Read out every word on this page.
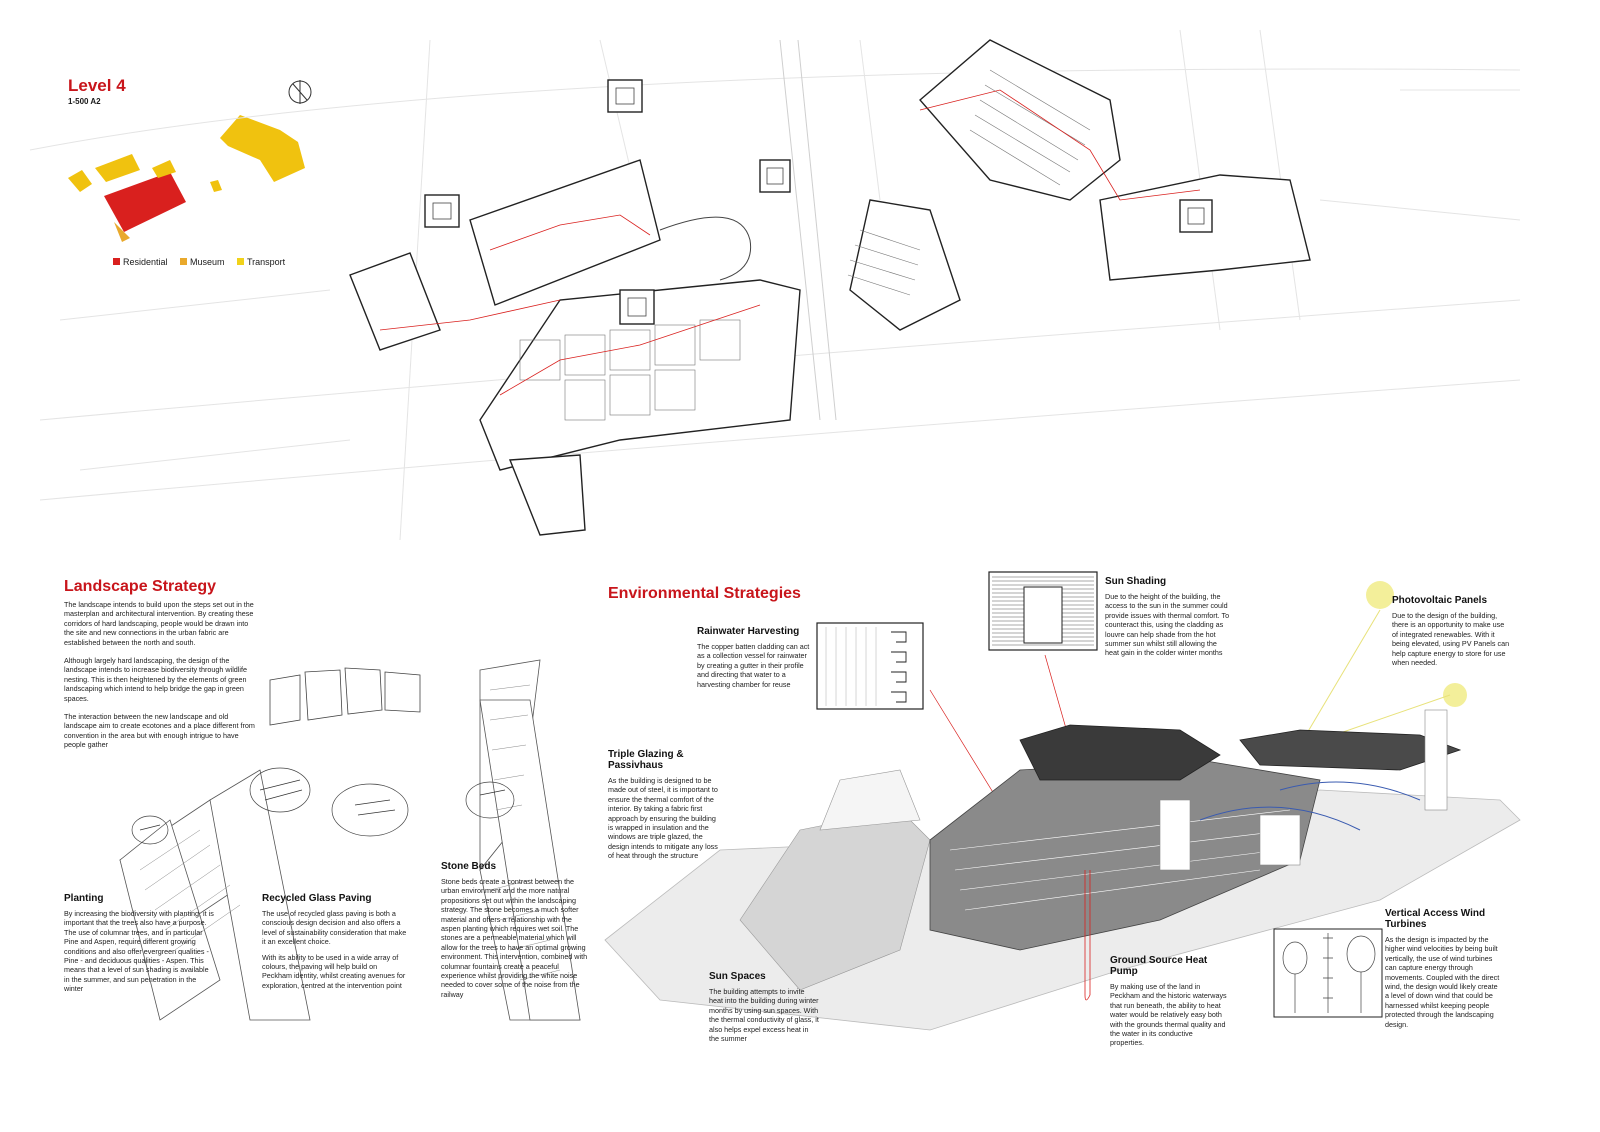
Level 4
1-500 A2
Residential
Museum
Transport
Landscape Strategy
The landscape intends to build upon the steps set out in the masterplan and architectural intervention. By creating these corridors of hard landscaping, people would be drawn into the site and new connections in the urban fabric are established between the north and south.
Although largely hard landscaping, the design of the landscape intends to increase biodiversity through wildlife nesting. This is then heightened by the elements of green landscaping which intend to help bridge the gap in green spaces.
The interaction between the new landscape and old landscape aim to create ecotones and a place different from convention in the area but with enough intrigue to have people gather
Planting
By increasing the biodiversity with planting, it is important that the trees also have a purpose. The use of columnar trees, and in particular Pine and Aspen, require different growing conditions and also offer evergreen qualities - Pine - and deciduous qualities - Aspen. This means that a level of sun shading is available in the summer, and sun penetration in the winter
Recycled Glass Paving
The use of recycled glass paving is both a conscious design decision and also offers a level of sustainability consideration that make it an excellent choice.
With its ability to be used in a wide array of colours, the paving will help build on Peckham identity, whilst creating avenues for exploration, centred at the intervention point
Stone Beds
Stone beds create a contrast between the urban environment and the more natural propositions set out within the landscaping strategy. The stone becomes a much softer material and offers a relationship with the aspen planting which requires wet soil. The stones are a permeable material which will allow for the trees to have an optimal growing environment. This intervention, combined with columnar fountains create a peaceful experience whilst providing the white noise needed to cover some of the noise from the railway
Environmental Strategies
Rainwater Harvesting
The copper batten cladding can act as a collection vessel for rainwater by creating a gutter in their profile and directing that water to a harvesting chamber for reuse
Sun Shading
Due to the height of the building, the access to the sun in the summer could provide issues with thermal comfort. To counteract this, using the cladding as louvre can help shade from the hot summer sun whilst still allowing the heat gain in the colder winter months
Photovoltaic Panels
Due to the design of the building, there is an opportunity to make use of integrated renewables. With it being elevated, using PV Panels can help capture energy to store for use when needed.
Triple Glazing & Passivhaus
As the building is designed to be made out of steel, it is important to ensure the thermal comfort of the interior. By taking a fabric first approach by ensuring the building is wrapped in insulation and the windows are triple glazed, the design intends to mitigate any loss of heat through the structure
Sun Spaces
The building attempts to invite heat into the building during winter months by using sun spaces. With the thermal conductivity of glass, it also helps expel excess heat in the summer
Ground Source Heat Pump
By making use of the land in Peckham and the historic waterways that run beneath, the ability to heat water would be relatively easy both with the grounds thermal quality and the water in its conductive properties.
Vertical Access Wind Turbines
As the design is impacted by the higher wind velocities by being built vertically, the use of wind turbines can capture energy through movements. Coupled with the direct wind, the design would likely create a level of down wind that could be harnessed whilst keeping people protected through the landscaping design.
